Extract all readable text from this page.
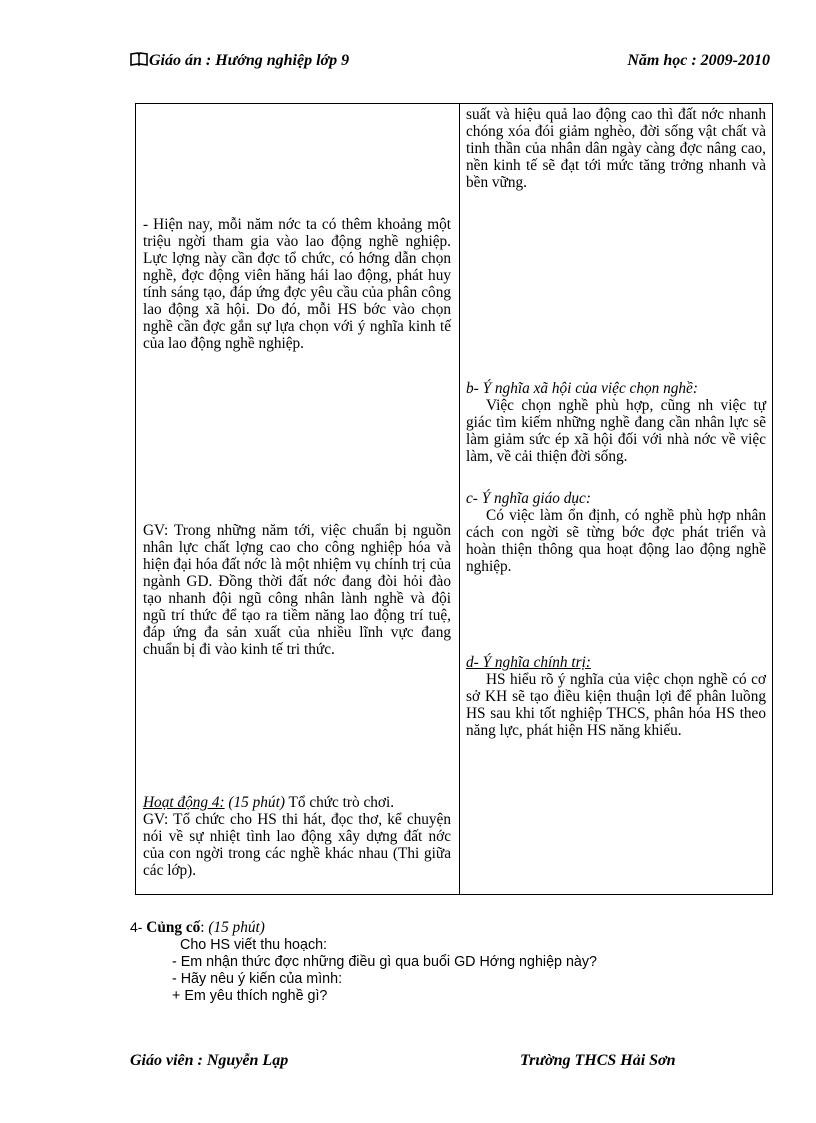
Giáo án : Hướng nghiệp lớp 9	Năm học : 2009-2010
- Hiện nay, mỗi năm nớc ta có thêm khoảng một triệu ngời tham gia vào lao động nghề nghiệp. Lực lợng này cần đợc tổ chức, có hớng dẫn chọn nghề, đợc động viên hăng hái lao động, phát huy tính sáng tạo, đáp ứng đợc yêu cầu của phân công lao động xã hội. Do đó, mỗi HS bớc vào chọn nghề cần đợc gắn sự lựa chọn với ý nghĩa kinh tế của lao động nghề nghiệp.
GV: Trong những năm tới, việc chuẩn bị nguồn nhân lực chất lợng cao cho công nghiệp hóa và hiện đại hóa đất nớc là một nhiệm vụ chính trị của ngành GD. Đồng thời đất nớc đang đòi hỏi đào tạo nhanh đội ngũ công nhân lành nghề và đội ngũ trí thức để tạo ra tiềm năng lao động trí tuệ, đáp ứng đa sản xuất của nhiều lĩnh vực đang chuẩn bị đi vào kinh tế tri thức.
Hoạt động 4: (15 phút) Tổ chức trò chơi.
GV: Tổ chức cho HS thi hát, đọc thơ, kể chuyện nói về sự nhiệt tình lao động xây dựng đất nớc của con ngời trong các nghề khác nhau (Thi giữa các lớp).
suất và hiệu quả lao động cao thì đất nớc nhanh chóng xóa đói giảm nghèo, đời sống vật chất và tinh thần của nhân dân ngày càng đợc nâng cao, nền kinh tế sẽ đạt tới mức tăng trởng nhanh và bền vững.
b- Ý nghĩa xã hội của việc chọn nghề:
Việc chọn nghề phù hợp, cũng nh việc tự giác tìm kiếm những nghề đang cần nhân lực sẽ làm giảm sức ép xã hội đối với nhà nớc về việc làm, về cải thiện đời sống.
c- Ý nghĩa giáo dục:
Có việc làm ổn định, có nghề phù hợp nhân cách con ngời sẽ từng bớc đợc phát triển và hoàn thiện thông qua hoạt động lao động nghề nghiệp.
d- Ý nghĩa chính trị:
HS hiểu rõ ý nghĩa của việc chọn nghề có cơ sở KH sẽ tạo điều kiện thuận lợi để phân luồng HS sau khi tốt nghiệp THCS, phân hóa HS theo năng lực, phát hiện HS năng khiếu.
4- Củng cố: (15 phút)
Cho HS viết thu hoạch:
- Em nhận thức đợc những điều gì qua buổi GD Hớng nghiệp này?
- Hãy nêu ý kiến của mình:
+ Em yêu thích nghề gì?
Giáo viên : Nguyễn Lạp	Trường THCS Hải Sơn
